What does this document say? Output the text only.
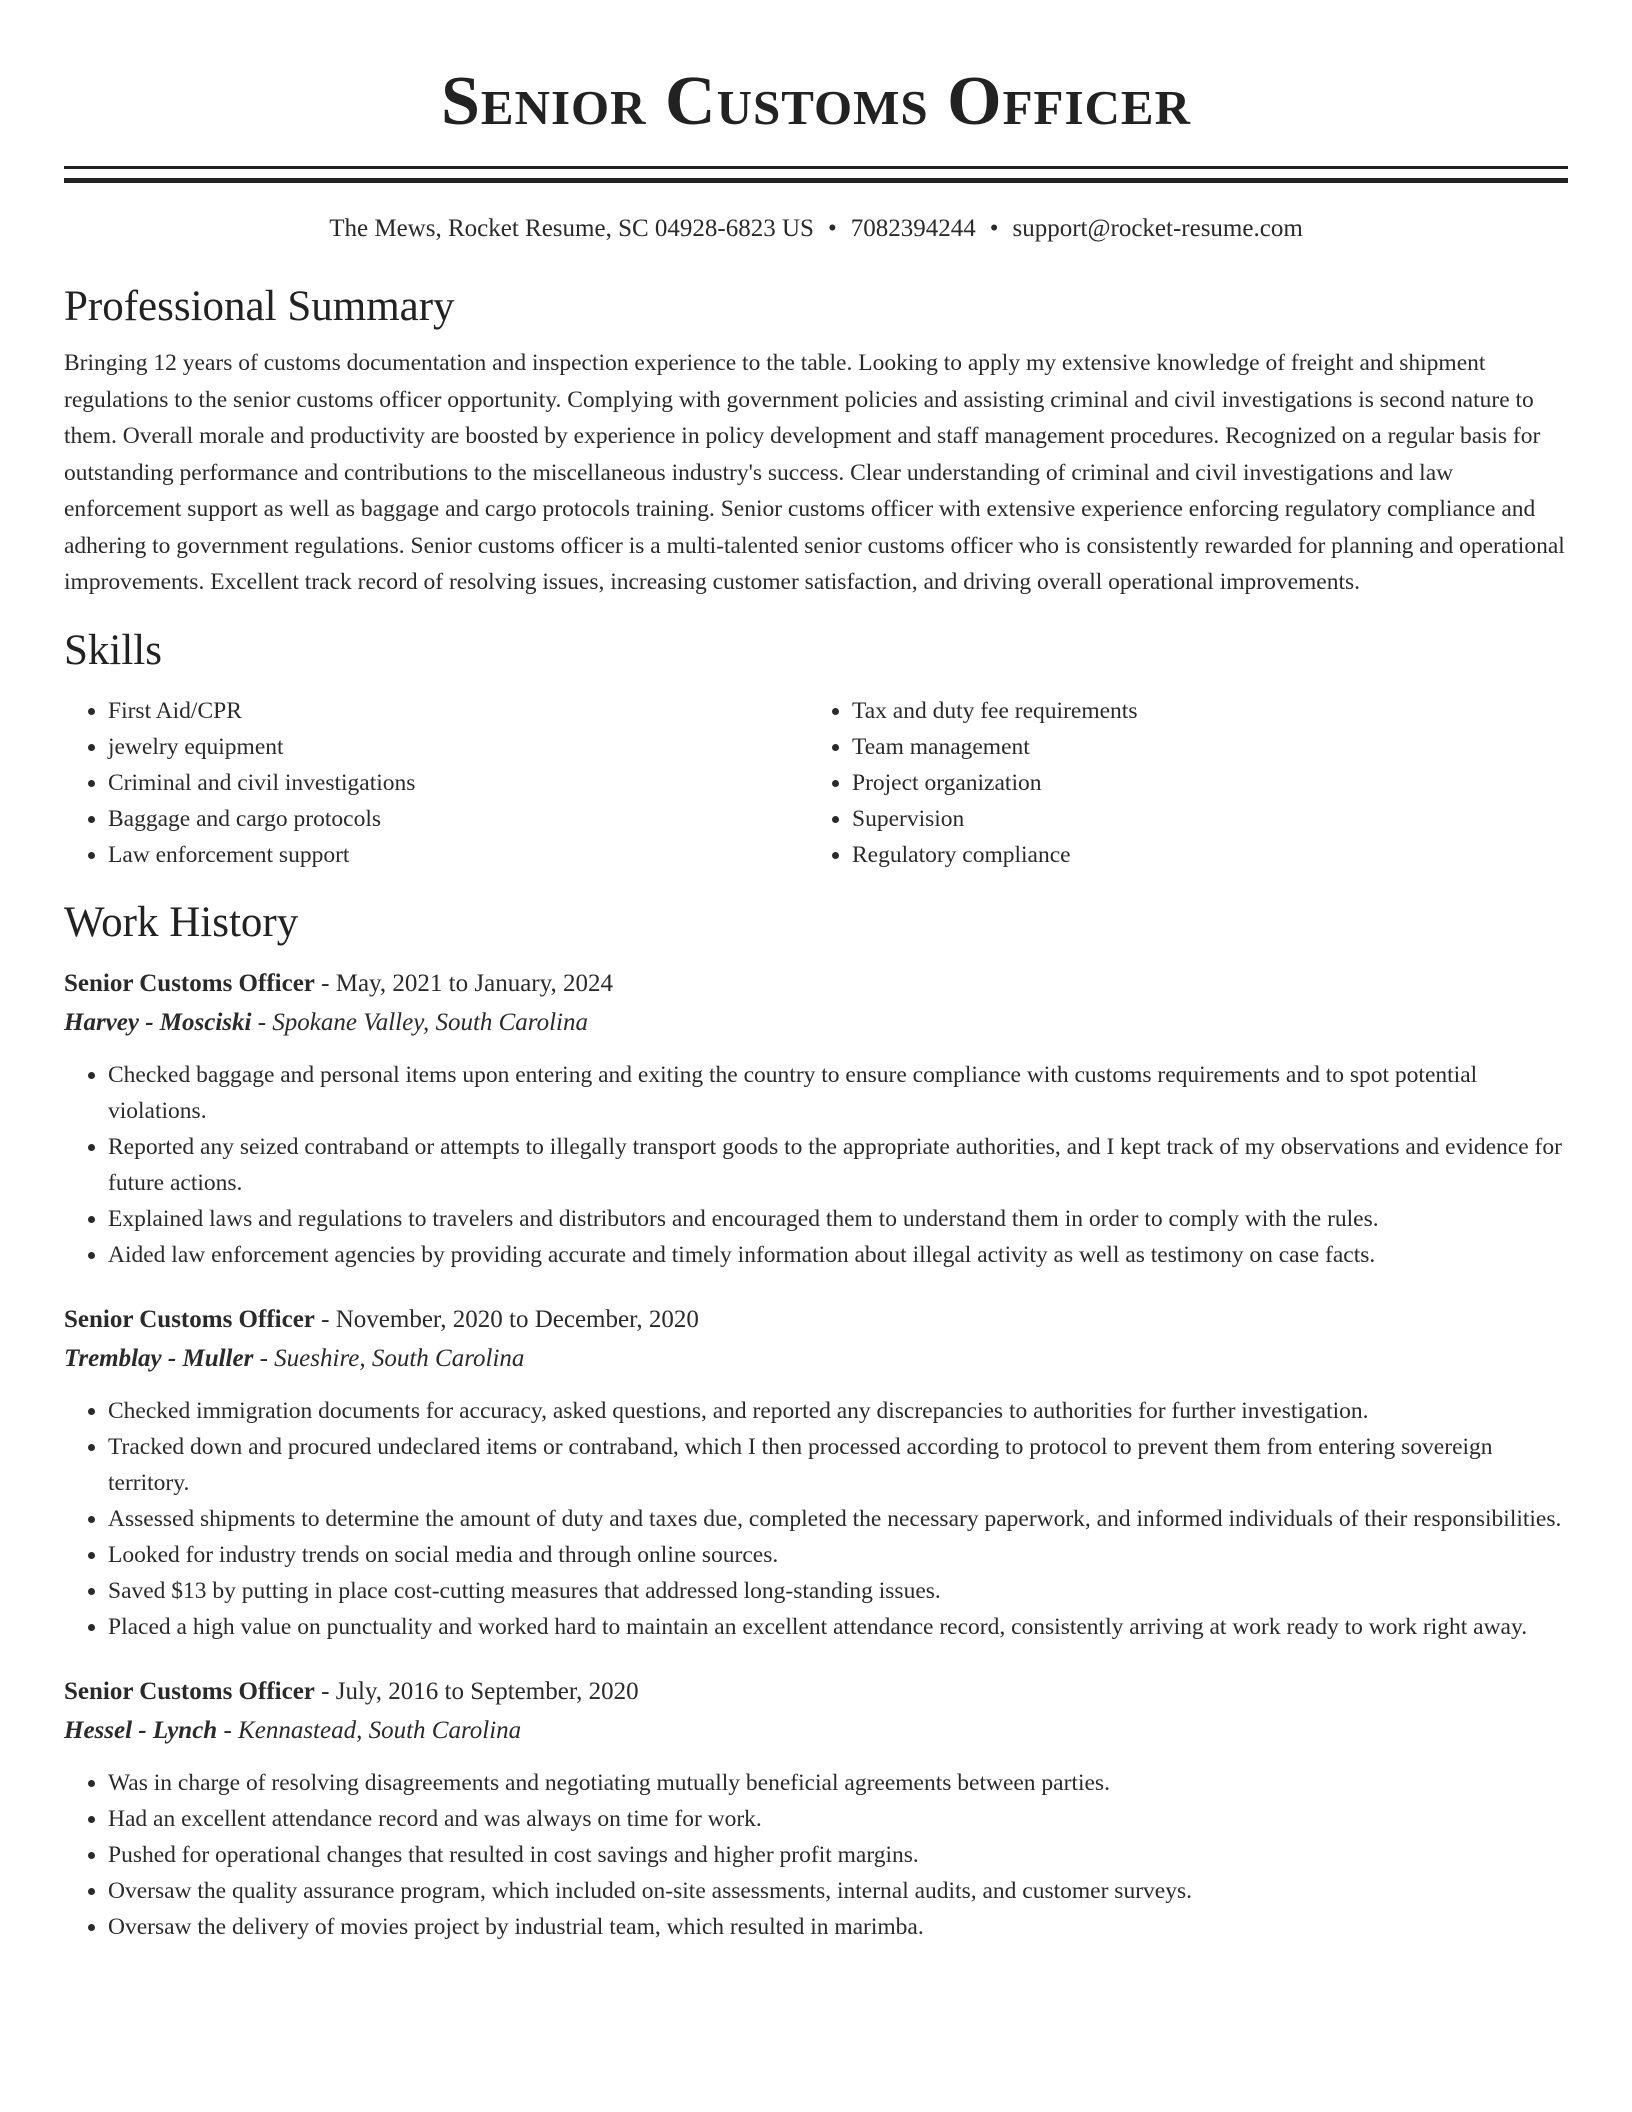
Senior Customs Officer
The Mews, Rocket Resume, SC 04928-6823 US • 7082394244 • support@rocket-resume.com
Professional Summary

Bringing 12 years of customs documentation and inspection experience to the table. Looking to apply my extensive knowledge of freight and shipment regulations to the senior customs officer opportunity. Complying with government policies and assisting criminal and civil investigations is second nature to them. Overall morale and productivity are boosted by experience in policy development and staff management procedures. Recognized on a regular basis for outstanding performance and contributions to the miscellaneous industry's success. Clear understanding of criminal and civil investigations and law enforcement support as well as baggage and cargo protocols training. Senior customs officer with extensive experience enforcing regulatory compliance and adhering to government regulations. Senior customs officer is a multi-talented senior customs officer who is consistently rewarded for planning and operational improvements. Excellent track record of resolving issues, increasing customer satisfaction, and driving overall operational improvements.

Skills
• First Aid/CPR
• jewelry equipment
• Criminal and civil investigations
• Baggage and cargo protocols
• Law enforcement support
• Tax and duty fee requirements
• Team management
• Project organization
• Supervision
• Regulatory compliance
Work History
Senior Customs Officer - May, 2021 to January, 2024
Harvey - Mosciski - Spokane Valley, South Carolina
• Checked baggage and personal items upon entering and exiting the country to ensure compliance with customs requirements and to spot potential violations.
• Reported any seized contraband or attempts to illegally transport goods to the appropriate authorities, and I kept track of my observations and evidence for future actions.
• Explained laws and regulations to travelers and distributors and encouraged them to understand them in order to comply with the rules.
• Aided law enforcement agencies by providing accurate and timely information about illegal activity as well as testimony on case facts.
Senior Customs Officer - November, 2020 to December, 2020
Tremblay - Muller - Sueshire, South Carolina
• Checked immigration documents for accuracy, asked questions, and reported any discrepancies to authorities for further investigation.
• Tracked down and procured undeclared items or contraband, which I then processed according to protocol to prevent them from entering sovereign territory.
• Assessed shipments to determine the amount of duty and taxes due, completed the necessary paperwork, and informed individuals of their responsibilities.
• Looked for industry trends on social media and through online sources.
• Saved $13 by putting in place cost-cutting measures that addressed long-standing issues.
• Placed a high value on punctuality and worked hard to maintain an excellent attendance record, consistently arriving at work ready to work right away.
Senior Customs Officer - July, 2016 to September, 2020
Hessel - Lynch - Kennastead, South Carolina
• Was in charge of resolving disagreements and negotiating mutually beneficial agreements between parties.
• Had an excellent attendance record and was always on time for work.
• Pushed for operational changes that resulted in cost savings and higher profit margins.
• Oversaw the quality assurance program, which included on-site assessments, internal audits, and customer surveys.
• Oversaw the delivery of movies project by industrial team, which resulted in marimba.
